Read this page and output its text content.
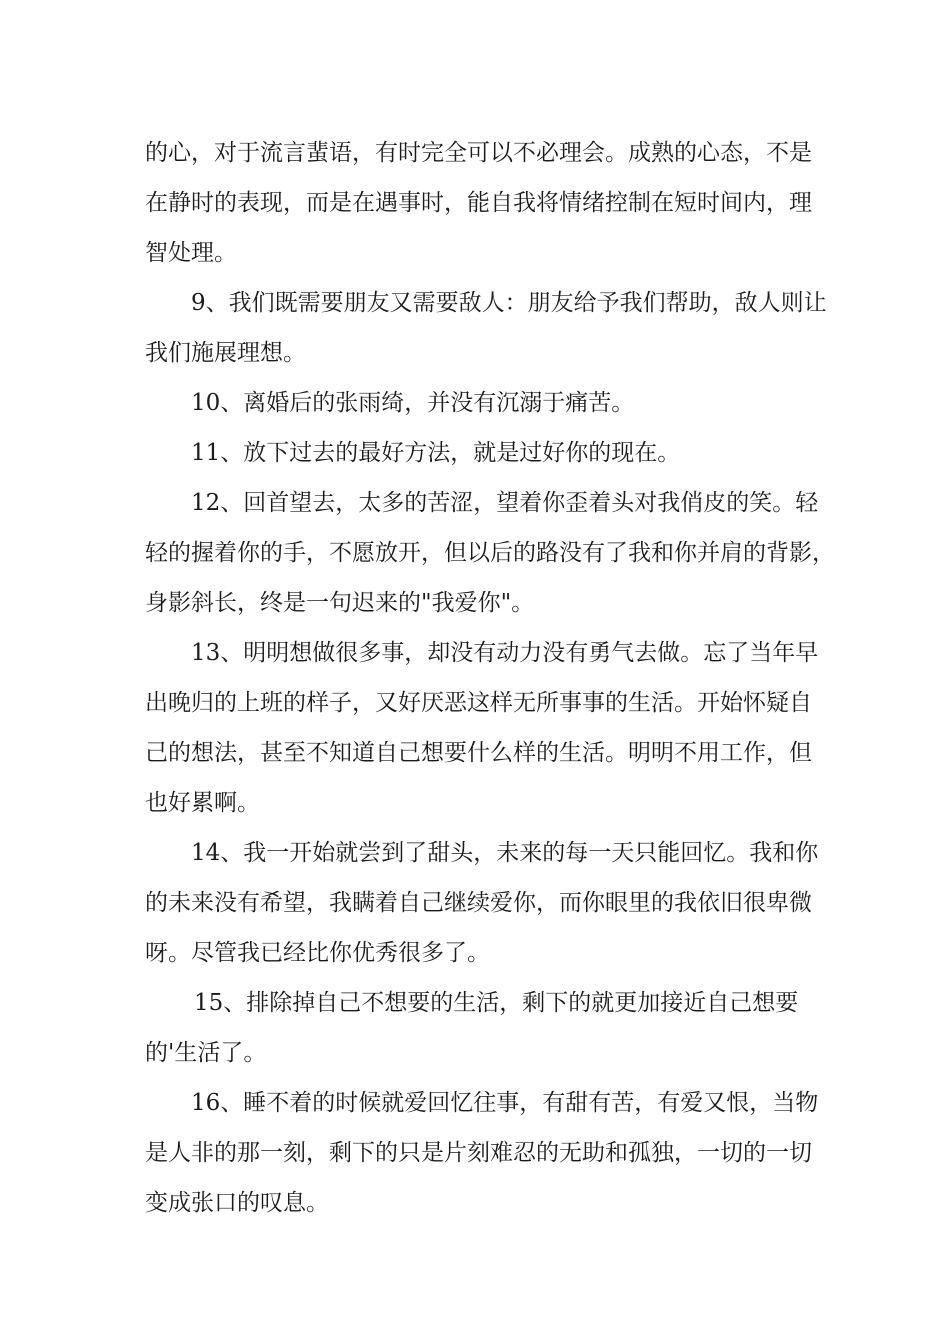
的心，对于流言蜚语，有时完全可以不必理会。成熟的心态，不是
在静时的表现，而是在遇事时，能自我将情绪控制在短时间内，理
智处理。
9、我们既需要朋友又需要敌人：朋友给予我们帮助，敌人则让
我们施展理想。
10、离婚后的张雨绮，并没有沉溺于痛苦。
11、放下过去的最好方法，就是过好你的现在。
12、回首望去，太多的苦涩，望着你歪着头对我俏皮的笑。轻
轻的握着你的手，不愿放开，但以后的路没有了我和你并肩的背影，
身影斜长，终是一句迟来的"我爱你"。
13、明明想做很多事，却没有动力没有勇气去做。忘了当年早
出晚归的上班的样子，又好厌恶这样无所事事的生活。开始怀疑自
己的想法，甚至不知道自己想要什么样的生活。明明不用工作，但
也好累啊。
14、我一开始就尝到了甜头，未来的每一天只能回忆。我和你
的未来没有希望，我瞒着自己继续爱你，而你眼里的我依旧很卑微
呀。尽管我已经比你优秀很多了。
15、排除掉自己不想要的生活，剩下的就更加接近自己想要
的'生活了。
16、睡不着的时候就爱回忆往事，有甜有苦，有爱又恨，当物
是人非的那一刻，剩下的只是片刻难忍的无助和孤独，一切的一切
变成张口的叹息。
